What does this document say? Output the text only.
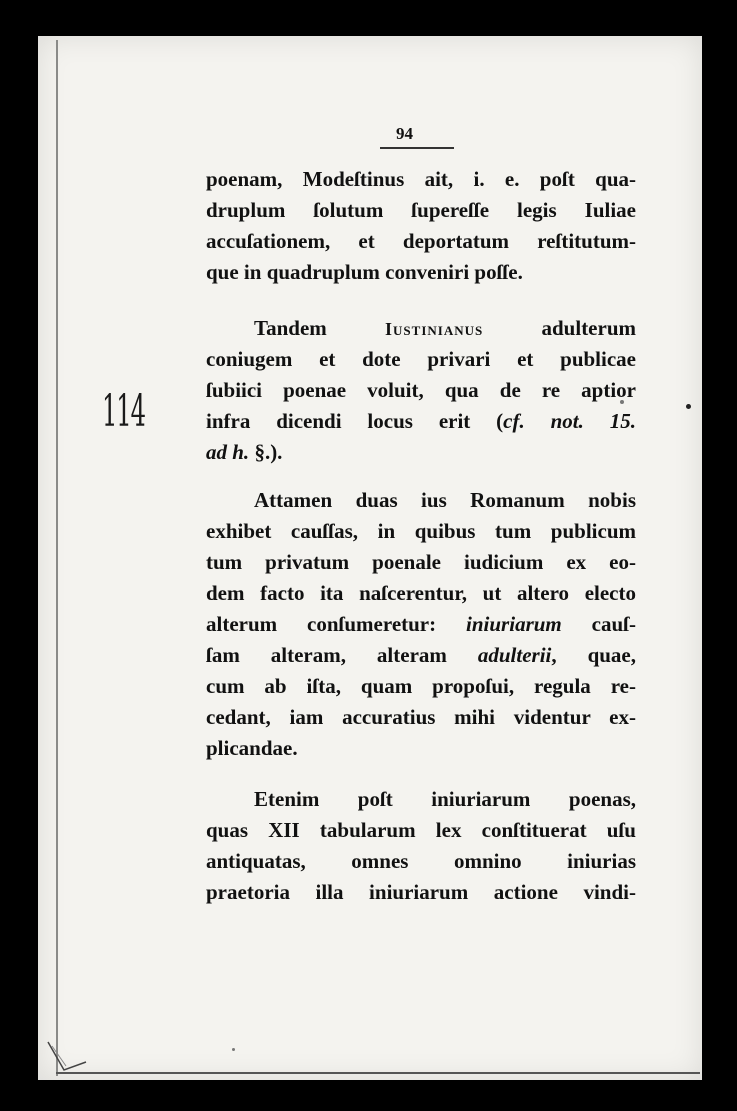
94
114
poenam, Modeſtinus ait, i. e. poſt qua-
druplum ſolutum ſupereſſe legis Iuliae
accuſationem, et deportatum reſtitutum-
que in quadruplum conveniri poſſe.
Tandem	Iustinianus	adulterum
coniugem et dote privari et publicae
ſubiici poenae voluit, qua de re aptior
infra dicendi locus erit (cf. not. 15.
ad h. §.).
Attamen duas ius Romanum nobis
exhibet cauſſas, in quibus tum publicum
tum privatum poenale iudicium ex eo-
dem facto ita naſcerentur, ut altero electo
alterum conſumeretur: iniuriarum cauſ-
ſam alteram, alteram adulterii, quae,
cum ab iſta, quam propoſui, regula re-
cedant, iam accuratius mihi videntur ex-
plicandae.
Etenim poſt iniuriarum poenas,
quas XII tabularum lex conſtituerat uſu
antiquatas, omnes omnino iniurias
praetoria illa iniuriarum actione vindi-
